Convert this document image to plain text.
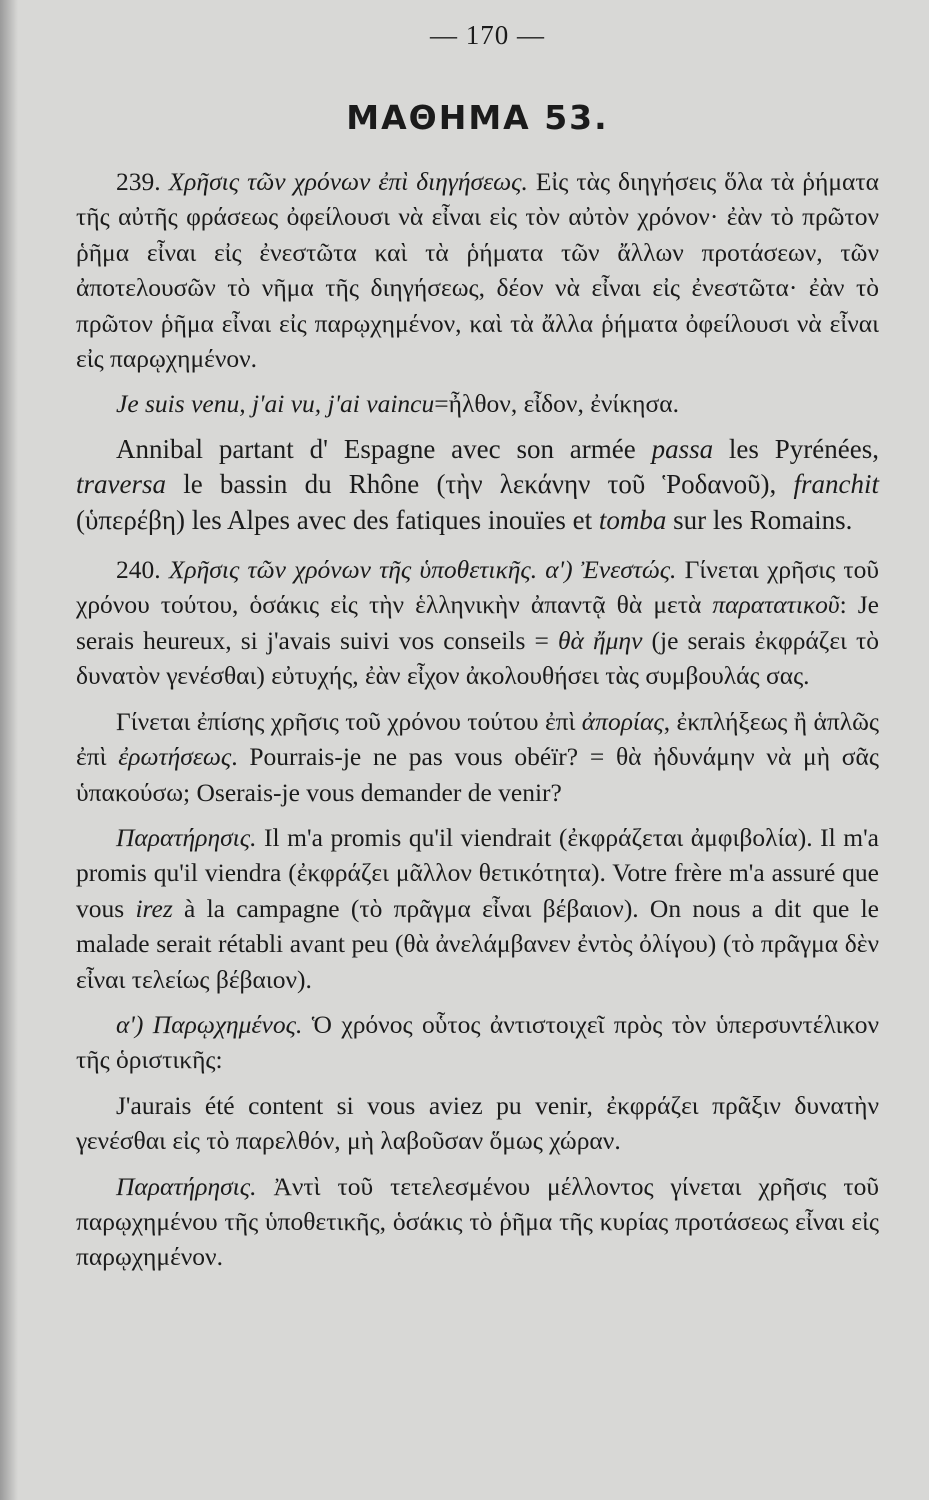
— 170 —
ΜΑΘΗΜΑ 53.

239. Χρῆσις τῶν χρόνων ἐπὶ διηγήσεως. Εἰς τὰς διηγήσεις ὅλα τὰ ῥήματα τῆς αὐτῆς φράσεως ὀφείλουσι νὰ εἶναι εἰς τὸν αὐτὸν χρόνον· ἐὰν τὸ πρῶτον ῥῆμα εἶναι εἰς ἐνεστῶτα καὶ τὰ ῥήματα τῶν ἄλλων προτάσεων, τῶν ἀποτελουσῶν τὸ νῆμα τῆς διηγήσεως, δέον νὰ εἶναι εἰς ἐνεστῶτα· ἐὰν τὸ πρῶτον ῥῆμα εἶναι εἰς παρῳχημένον, καὶ τὰ ἄλλα ῥήματα ὀφείλουσι νὰ εἶναι εἰς παρῳχημένον.

Je suis venu, j'ai vu, j'ai vaincu=ἦλθον, εἶδον, ἐνίκησα.

Annibal partant d' Espagne avec son armée passa les Pyrénées, traversa le bassin du Rhône (τὴν λεκάνην τοῦ Ῥοδανοῦ), franchit (ὑπερέβη) les Alpes avec des fatiques inouïes et tomba sur les Romains.

240. Χρῆσις τῶν χρόνων τῆς ὑποθετικῆς. α') Ἐνεστώς. Γίνεται χρῆσις τοῦ χρόνου τούτου, ὁσάκις εἰς τὴν ἑλληνικὴν ἀπαντᾷ θὰ μετὰ παρατατικοῦ: Je serais heureux, si j'avais suivi vos conseils = θὰ ἤμην (je serais ἐκφράζει τὸ δυνατὸν γενέσθαι) εὐτυχής, ἐὰν εἶχον ἀκολουθήσει τὰς συμβουλάς σας.

Γίνεται ἐπίσης χρῆσις τοῦ χρόνου τούτου ἐπὶ ἀπορίας, ἐκπλήξεως ἢ ἁπλῶς ἐπὶ ἐρωτήσεως. Pourrais-je ne pas vous obéïr? = θὰ ἠδυνάμην νὰ μὴ σᾶς ὑπακούσω; Oserais-je vous demander de venir?

Παρατήρησις. Il m'a promis qu'il viendrait (ἐκφράζεται ἀμφιβολία). Il m'a promis qu'il viendra (ἐκφράζει μᾶλλον θετικότητα). Votre frère m'a assuré que vous irez à la campagne (τὸ πρᾶγμα εἶναι βέβαιον). On nous a dit que le malade serait rétabli avant peu (θὰ ἀνελάμβανεν ἐντὸς ὀλίγου) (τὸ πρᾶγμα δὲν εἶναι τελείως βέβαιον).

α') Παρῳχημένος. Ὁ χρόνος οὗτος ἀντιστοιχεῖ πρὸς τὸν ὑπερσυντέλικον τῆς ὁριστικῆς:

J'aurais été content si vous aviez pu venir, ἐκφράζει πρᾶξιν δυνατὴν γενέσθαι εἰς τὸ παρελθόν, μὴ λαβοῦσαν ὅμως χώραν.

Παρατήρησις. Ἀντὶ τοῦ τετελεσμένου μέλλοντος γίνεται χρῆσις τοῦ παρῳχημένου τῆς ὑποθετικῆς, ὁσάκις τὸ ῥῆμα τῆς κυρίας προτάσεως εἶναι εἰς παρῳχημένον.
